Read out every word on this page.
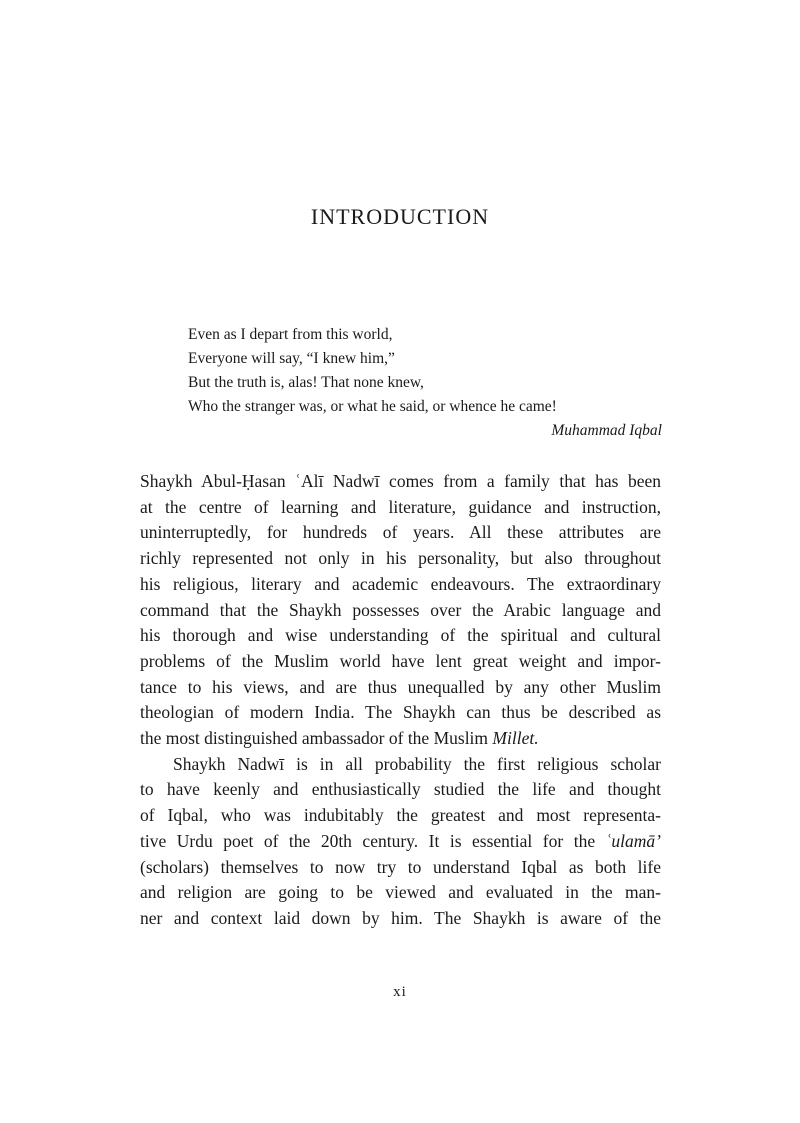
INTRODUCTION
Even as I depart from this world,
Everyone will say, “I knew him,”
But the truth is, alas! That none knew,
Who the stranger was, or what he said, or whence he came!
Muhammad Iqbal
Shaykh Abul-Ḥasan ʿAlī Nadwī comes from a family that has been
at the centre of learning and literature, guidance and instruction,
uninterruptedly, for hundreds of years. All these attributes are
richly represented not only in his personality, but also throughout
his religious, literary and academic endeavours. The extraordinary
command that the Shaykh possesses over the Arabic language and
his thorough and wise understanding of the spiritual and cultural
problems of the Muslim world have lent great weight and impor-
tance to his views, and are thus unequalled by any other Muslim
theologian of modern India. The Shaykh can thus be described as
the most distinguished ambassador of the Muslim Millet.
Shaykh Nadwī is in all probability the first religious scholar
to have keenly and enthusiastically studied the life and thought
of Iqbal, who was indubitably the greatest and most representa-
tive Urdu poet of the 20th century. It is essential for the ʿulamā’
(scholars) themselves to now try to understand Iqbal as both life
and religion are going to be viewed and evaluated in the man-
ner and context laid down by him. The Shaykh is aware of the
xi
